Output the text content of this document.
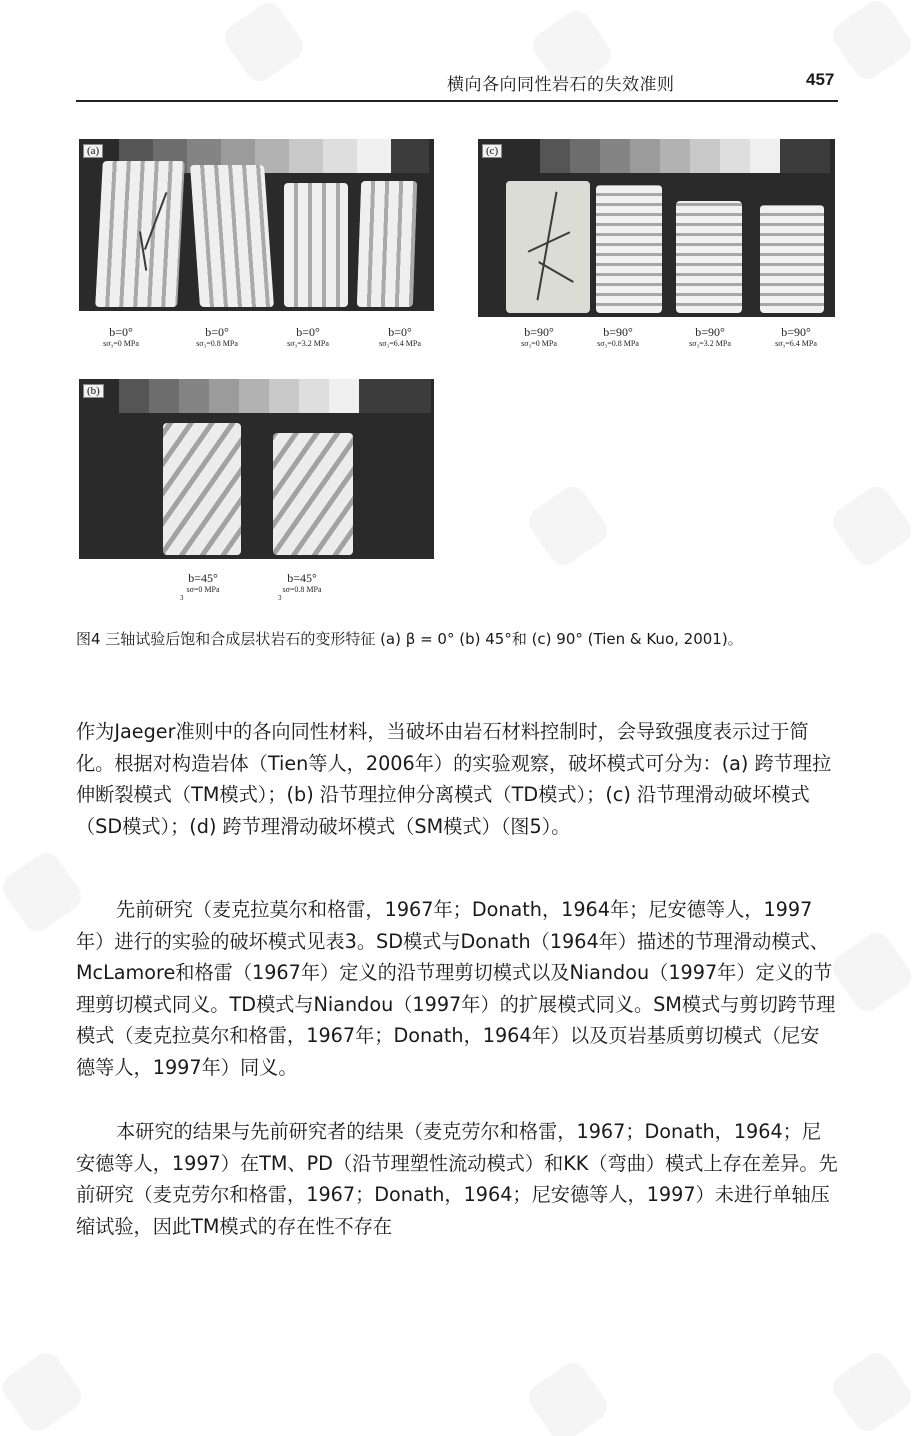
横向各向同性岩石的失效准则	457
(a)	(c)
(b)
b=0°
sσ₃=0 MPa
b=0°
sσ₃=0.8 MPa
b=0°
sσ₃=3.2 MPa
b=0°
sσ₃=6.4 MPa
b=90°
sσ₃=0 MPa
b=90°
sσ₃=0.8 MPa
b=90°
sσ₃=3.2 MPa
b=90°
sσ₃=6.4 MPa
b=45°
sσ=0 MPa
3
b=45°
sσ=0.8 MPa
3
图4 三轴试验后饱和合成层状岩石的变形特征 (a) β = 0° (b) 45°和 (c) 90° (Tien & Kuo, 2001)。

作为Jaeger准则中的各向同性材料，当破坏由岩石材料控制时，会导致强度表示过于简化。根据对构造岩体（Tien等人，2006年）的实验观察，破坏模式可分为：(a) 跨节理拉伸断裂模式（TM模式）；(b) 沿节理拉伸分离模式（TD模式）；(c) 沿节理滑动破坏模式（SD模式）；(d) 跨节理滑动破坏模式（SM模式）（图5）。

先前研究（麦克拉莫尔和格雷，1967年；Donath，1964年；尼安德等人，1997年）进行的实验的破坏模式见表3。SD模式与Donath（1964年）描述的节理滑动模式、McLamore和格雷（1967年）定义的沿节理剪切模式以及Niandou（1997年）定义的节理剪切模式同义。TD模式与Niandou（1997年）的扩展模式同义。SM模式与剪切跨节理模式（麦克拉莫尔和格雷，1967年；Donath，1964年）以及页岩基质剪切模式（尼安德等人，1997年）同义。

本研究的结果与先前研究者的结果（麦克劳尔和格雷，1967；Donath，1964；尼安德等人，1997）在TM、PD（沿节理塑性流动模式）和KK（弯曲）模式上存在差异。先前研究（麦克劳尔和格雷，1967；Donath，1964；尼安德等人，1997）未进行单轴压缩试验，因此TM模式的存在性不存在
